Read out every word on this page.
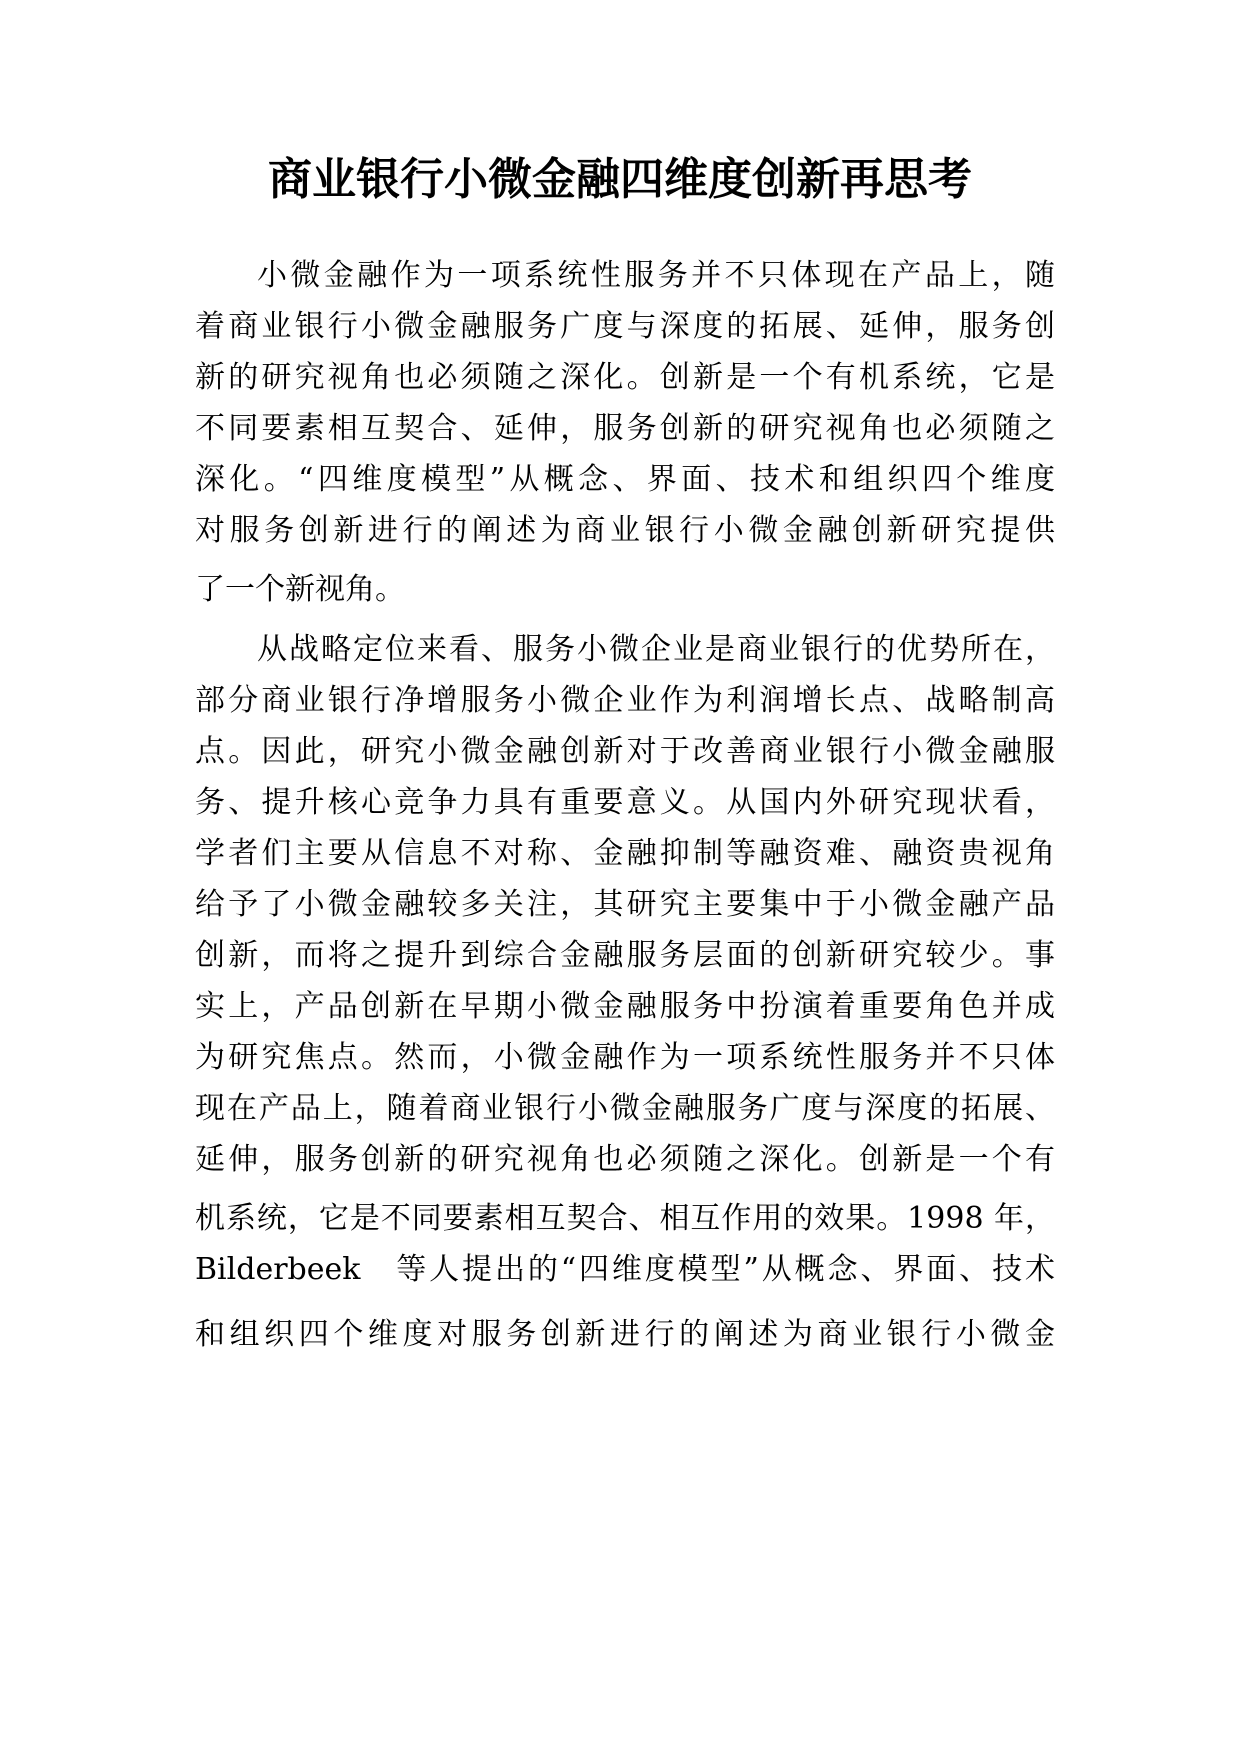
商业银行小微金融四维度创新再思考
小微金融作为一项系统性服务并不只体现在产品上，随
着商业银行小微金融服务广度与深度的拓展、延伸，服务创
新的研究视角也必须随之深化。创新是一个有机系统，它是
不同要素相互契合、延伸，服务创新的研究视角也必须随之
深化。“四维度模型”从概念、界面、技术和组织四个维度
对服务创新进行的阐述为商业银行小微金融创新研究提供
了一个新视角。
从战略定位来看、服务小微企业是商业银行的优势所在，
部分商业银行净增服务小微企业作为利润增长点、战略制高
点。因此，研究小微金融创新对于改善商业银行小微金融服
务、提升核心竞争力具有重要意义。从国内外研究现状看，
学者们主要从信息不对称、金融抑制等融资难、融资贵视角
给予了小微金融较多关注，其研究主要集中于小微金融产品
创新，而将之提升到综合金融服务层面的创新研究较少。事
实上，产品创新在早期小微金融服务中扮演着重要角色并成
为研究焦点。然而，小微金融作为一项系统性服务并不只体
现在产品上，随着商业银行小微金融服务广度与深度的拓展、
延伸，服务创新的研究视角也必须随之深化。创新是一个有
机系统，它是不同要素相互契合、相互作用的效果。1998 年，
Bilderbeek　等人提出的“四维度模型”从概念、界面、技术
和组织四个维度对服务创新进行的阐述为商业银行小微金
